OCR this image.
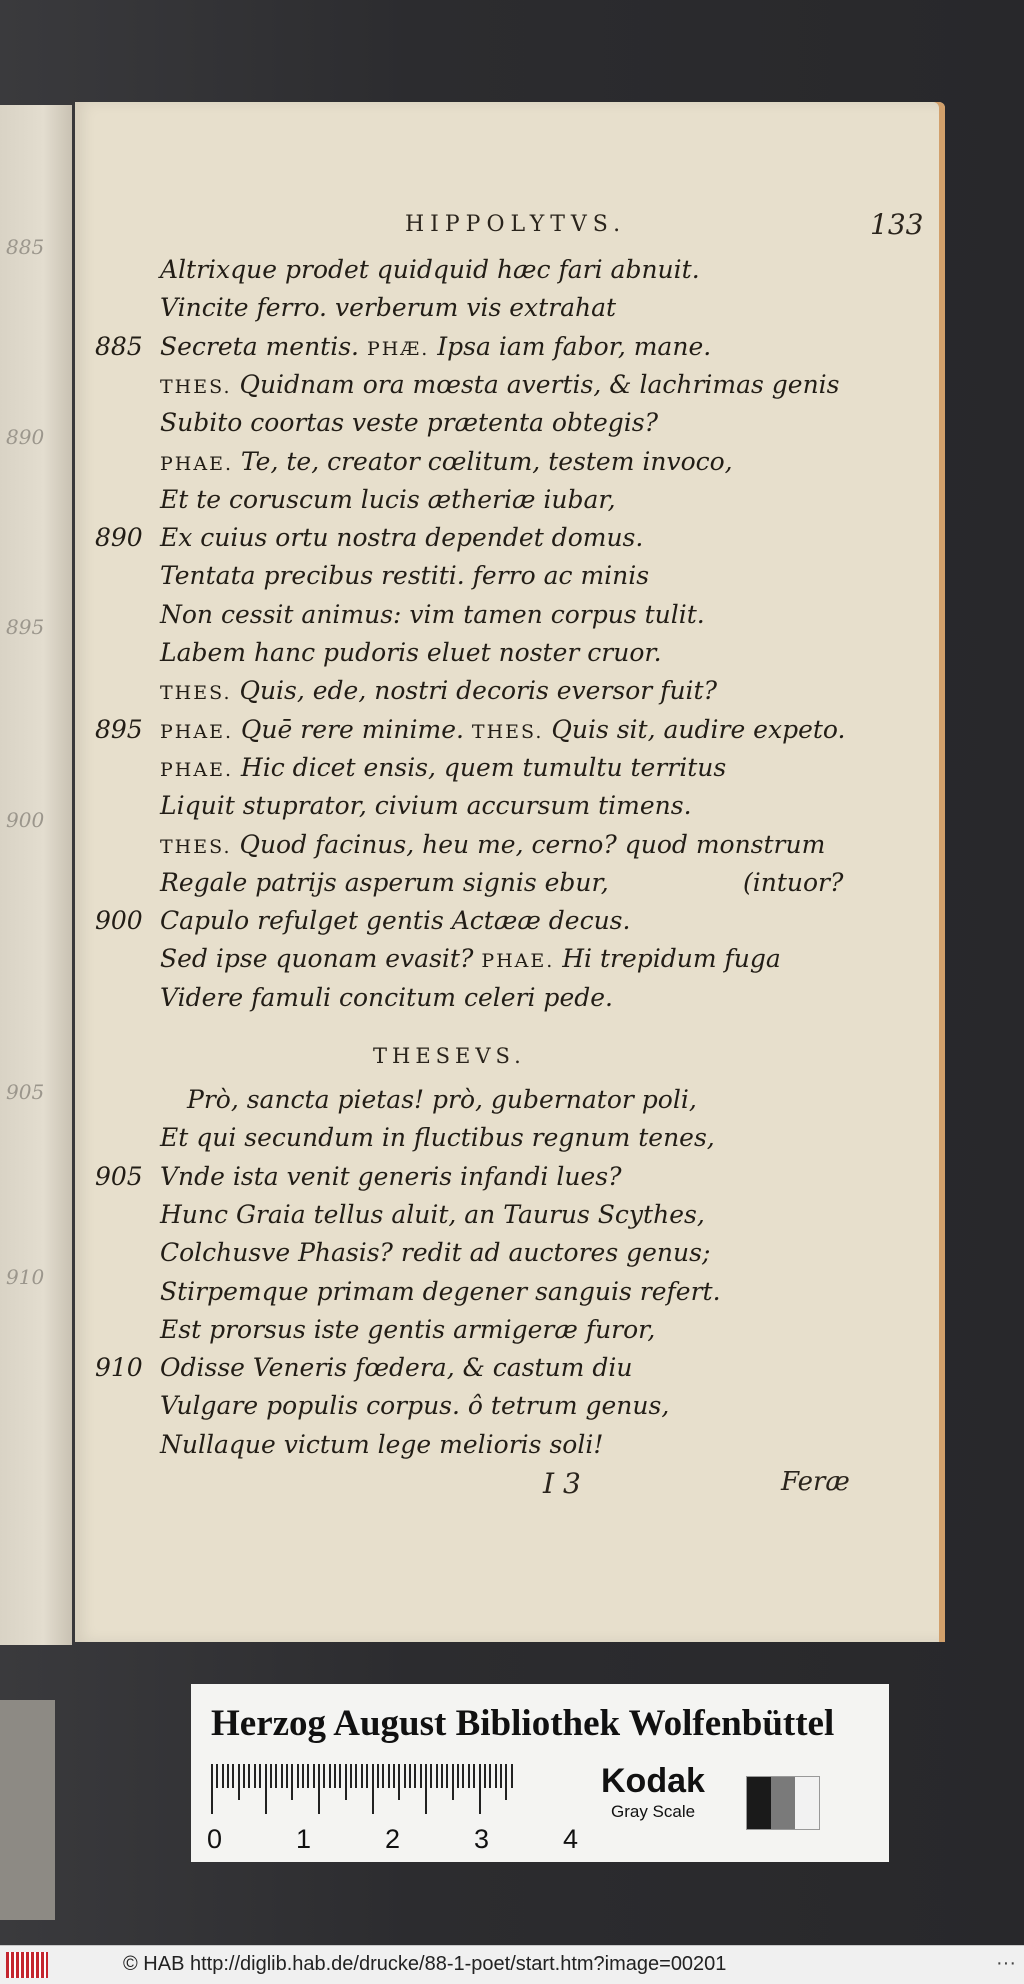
885
890
895
900
905
910
HIPPOLYTVS.	133
Altrixque prodet quidquid hæc fari abnuit.
Vincite ferro. verberum vis extrahat
885 Secreta mentis. PHÆ. Ipsa iam fabor, mane.
THES. Quidnam ora mœsta avertis, & lachrimas genis
Subito coortas veste prætenta obtegis?
PHAE. Te, te, creator cœlitum, testem invoco,
Et te coruscum lucis ætheriæ iubar,
890 Ex cuius ortu nostra dependet domus.
Tentata precibus restiti. ferro ac minis
Non cessit animus: vim tamen corpus tulit.
Labem hanc pudoris eluet noster cruor.
THES. Quis, ede, nostri decoris eversor fuit?
895 PHAE. Quē rere minime. THES. Quis sit, audire expeto.
PHAE. Hic dicet ensis, quem tumultu territus
Liquit stuprator, civium accursum timens.
THES. Quod facinus, heu me, cerno? quod monstrum
Regale patrijs asperum signis ebur,	(intuor?
900 Capulo refulget gentis Actææ decus.
Sed ipse quonam evasit? PHAE. Hi trepidum fuga
Videre famuli concitum celeri pede.
THESEVS.
Prò, sancta pietas! prò, gubernator poli,
Et qui secundum in fluctibus regnum tenes,
905 Vnde ista venit generis infandi lues?
Hunc Graia tellus aluit, an Taurus Scythes,
Colchusve Phasis? redit ad auctores genus;
Stirpemque primam degener sanguis refert.
Est prorsus iste gentis armigeræ furor,
910 Odisse Veneris fœdera, & castum diu
Vulgare populis corpus. ô tetrum genus,
Nullaque victum lege melioris soli!
I 3	Feræ
Herzog August Bibliothek Wolfenbüttel
0	1	2	3	4
Kodak
Gray Scale
© HAB http://diglib.hab.de/drucke/88-1-poet/start.htm?image=00201	···
